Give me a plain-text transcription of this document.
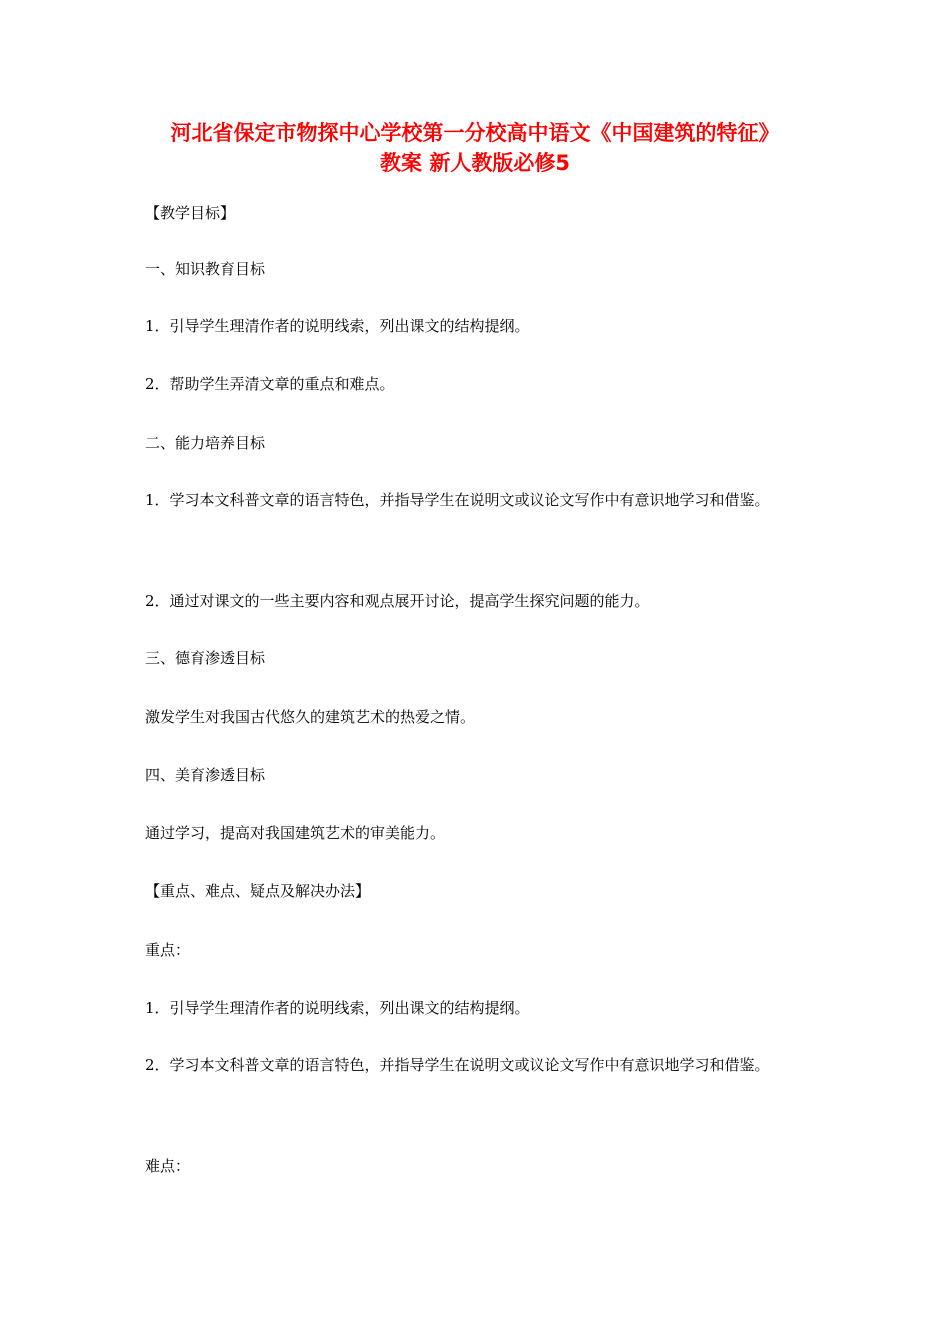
河北省保定市物探中心学校第一分校高中语文《中国建筑的特征》
教案 新人教版必修5
【教学目标】
一、知识教育目标
1．引导学生理清作者的说明线索，列出课文的结构提纲。
2．帮助学生弄清文章的重点和难点。
二、能力培养目标
1．学习本文科普文章的语言特色，并指导学生在说明文或议论文写作中有意识地学习和借鉴。
2．通过对课文的一些主要内容和观点展开讨论，提高学生探究问题的能力。
三、德育渗透目标
激发学生对我国古代悠久的建筑艺术的热爱之情。
四、美育渗透目标
通过学习，提高对我国建筑艺术的审美能力。
【重点、难点、疑点及解决办法】
重点：
1．引导学生理清作者的说明线索，列出课文的结构提纲。
2．学习本文科普文章的语言特色，并指导学生在说明文或议论文写作中有意识地学习和借鉴。
难点：
